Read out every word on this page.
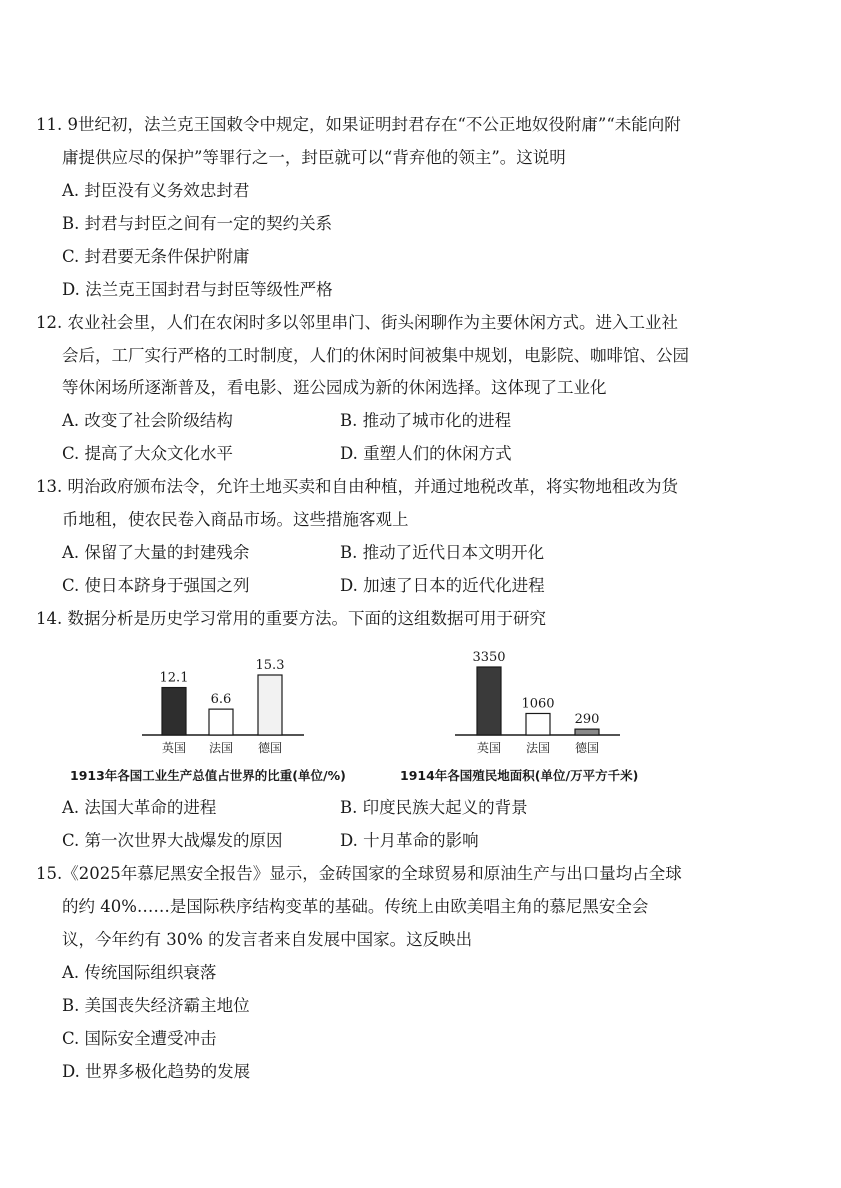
11. 9世纪初，法兰克王国敕令中规定，如果证明封君存在“不公正地奴役附庸”“未能向附
庸提供应尽的保护”等罪行之一，封臣就可以“背弃他的领主”。这说明
A. 封臣没有义务效忠封君
B. 封君与封臣之间有一定的契约关系
C. 封君要无条件保护附庸
D. 法兰克王国封君与封臣等级性严格
12. 农业社会里，人们在农闲时多以邻里串门、街头闲聊作为主要休闲方式。进入工业社
会后，工厂实行严格的工时制度，人们的休闲时间被集中规划，电影院、咖啡馆、公园
等休闲场所逐渐普及，看电影、逛公园成为新的休闲选择。这体现了工业化
A. 改变了社会阶级结构	B. 推动了城市化的进程
C. 提高了大众文化水平	D. 重塑人们的休闲方式
13. 明治政府颁布法令，允许土地买卖和自由种植，并通过地税改革，将实物地租改为货
币地租，使农民卷入商品市场。这些措施客观上
A. 保留了大量的封建残余	B. 推动了近代日本文明开化
C. 使日本跻身于强国之列	D. 加速了日本的近代化进程
14. 数据分析是历史学习常用的重要方法。下面的这组数据可用于研究
12.1
英国
6.6
法国
15.3
德国
3350
英国
1060
法国
290
德国
1913年各国工业生产总值占世界的比重(单位/%)	1914年各国殖民地面积(单位/万平方千米)
A. 法国大革命的进程	B. 印度民族大起义的背景
C. 第一次世界大战爆发的原因	D. 十月革命的影响
15.《2025年慕尼黑安全报告》显示，金砖国家的全球贸易和原油生产与出口量均占全球
的约 40%……是国际秩序结构变革的基础。传统上由欧美唱主角的慕尼黑安全会
议，今年约有 30% 的发言者来自发展中国家。这反映出
A. 传统国际组织衰落
B. 美国丧失经济霸主地位
C. 国际安全遭受冲击
D. 世界多极化趋势的发展
